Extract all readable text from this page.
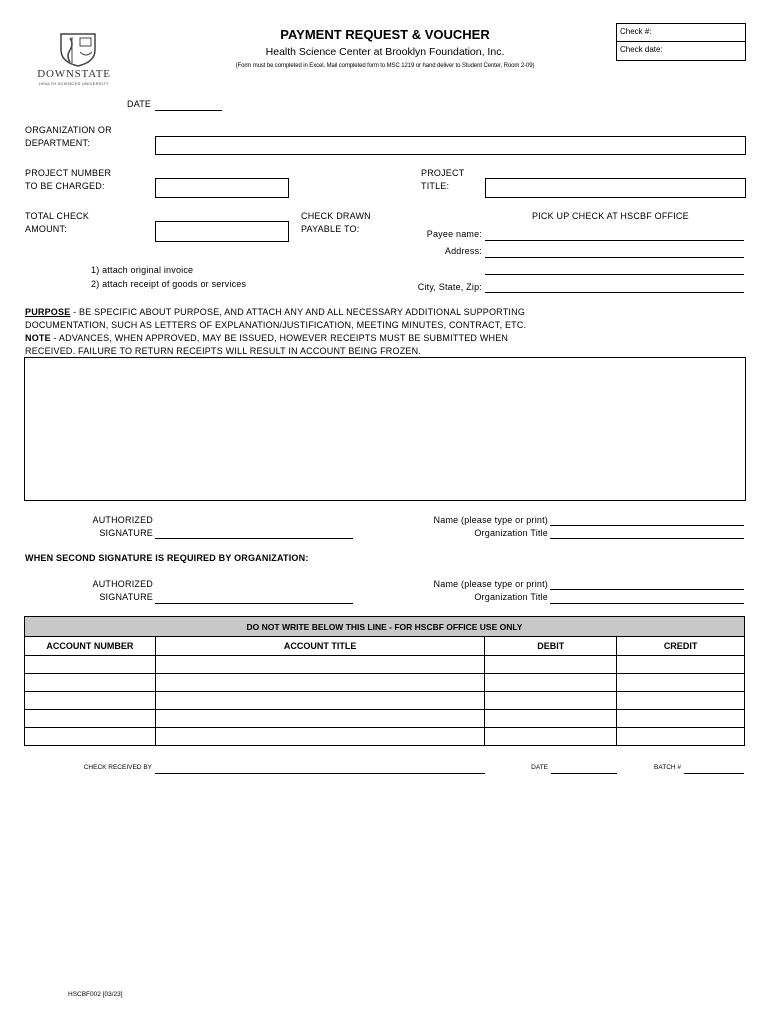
DOWNSTATE
HEALTH SCIENCES UNIVERSITY
PAYMENT REQUEST & VOUCHER
Health Science Center at Brooklyn Foundation, Inc.
(Form must be completed in Excel. Mail completed form to MSC 1219 or hand deliver to Student Center, Room 2-09)
Check #:
Check date:
DATE
ORGANIZATION OR
DEPARTMENT:
PROJECT NUMBER
TO BE CHARGED:
PROJECT
TITLE:
TOTAL CHECK
AMOUNT:
CHECK DRAWN
PAYABLE TO:
PICK UP CHECK AT HSCBF OFFICE
Payee name:
Address:
City, State, Zip:
1) attach original invoice
2) attach receipt of goods or services
PURPOSE - BE SPECIFIC ABOUT PURPOSE, AND ATTACH ANY AND ALL NECESSARY ADDITIONAL SUPPORTING
DOCUMENTATION, SUCH AS LETTERS OF EXPLANATION/JUSTIFICATION, MEETING MINUTES, CONTRACT, ETC.
NOTE - ADVANCES, WHEN APPROVED, MAY BE ISSUED, HOWEVER RECEIPTS MUST BE SUBMITTED WHEN
RECEIVED. FAILURE TO RETURN RECEIPTS WILL RESULT IN ACCOUNT BEING FROZEN.
AUTHORIZED
SIGNATURE
Name (please type or print)
Organization Title
WHEN SECOND SIGNATURE IS REQUIRED BY ORGANIZATION:
AUTHORIZED
SIGNATURE
Name (please type or print)
Organization Title
DO NOT WRITE BELOW THIS LINE - FOR HSCBF OFFICE USE ONLY			
ACCOUNT NUMBER	ACCOUNT TITLE	DEBIT	CREDIT

CHECK RECEIVED BY	DATE	BATCH #
HSCBF002 [03/23]
